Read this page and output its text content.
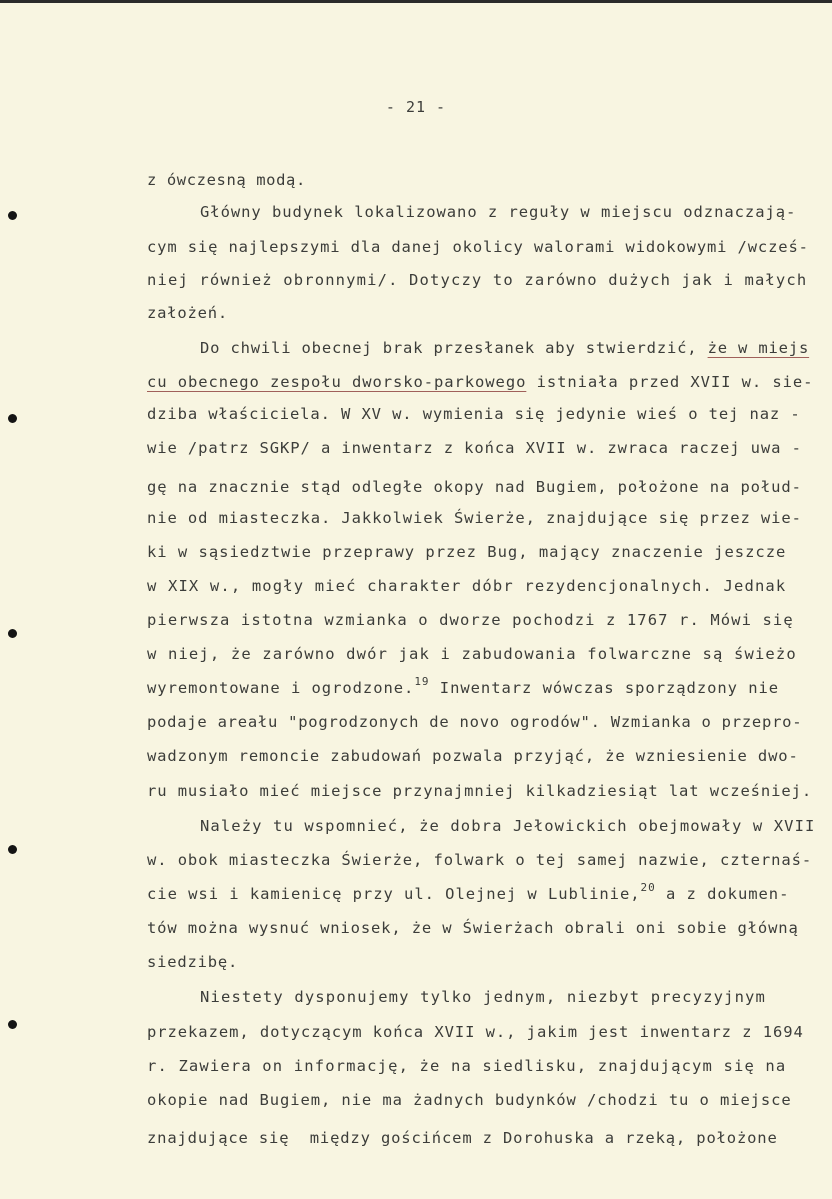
- 21 -
z ówczesną modą.
Główny budynek lokalizowano z reguły w miejscu odznaczają-
cym się najlepszymi dla danej okolicy walorami widokowymi /wcześ-
niej również obronnymi/. Dotyczy to zarówno dużych jak i małych
założeń.
Do chwili obecnej brak przesłanek aby stwierdzić, że w miejs
cu obecnego zespołu dworsko-parkowego istniała przed XVII w. sie-
dziba właściciela. W XV w. wymienia się jedynie wieś o tej naz -
wie /patrz SGKP/ a inwentarz z końca XVII w. zwraca raczej uwa -
gę na znacznie stąd odległe okopy nad Bugiem, położone na połud-
nie od miasteczka. Jakkolwiek Świerże, znajdujące się przez wie-
ki w sąsiedztwie przeprawy przez Bug, mający znaczenie jeszcze
w XIX w., mogły mieć charakter dóbr rezydencjonalnych. Jednak
pierwsza istotna wzmianka o dworze pochodzi z 1767 r. Mówi się
w niej, że zarówno dwór jak i zabudowania folwarczne są świeżo
wyremontowane i ogrodzone.$^{19}$ Inwentarz wówczas sporządzony nie
podaje areału "pogrodzonych de novo ogrodów". Wzmianka o przepro-
wadzonym remoncie zabudowań pozwala przyjąć, że wzniesienie dwo-
ru musiało mieć miejsce przynajmniej kilkadziesiąt lat wcześniej.
Należy tu wspomnieć, że dobra Jełowickich obejmowały w XVII
w. obok miasteczka Świerże, folwark o tej samej nazwie, czternaś-
cie wsi i kamienicę przy ul. Olejnej w Lublinie,$^{20}$ a z dokumen-
tów można wysnuć wniosek, że w Świerżach obrali oni sobie główną
siedzibę.
Niestety dysponujemy tylko jednym, niezbyt precyzyjnym
przekazem, dotyczącym końca XVII w., jakim jest inwentarz z 1694
r. Zawiera on informację, że na siedlisku, znajdującym się na
okopie nad Bugiem, nie ma żadnych budynków /chodzi tu o miejsce
znajdujące się  między gościńcem z Dorohuska a rzeką, położone
